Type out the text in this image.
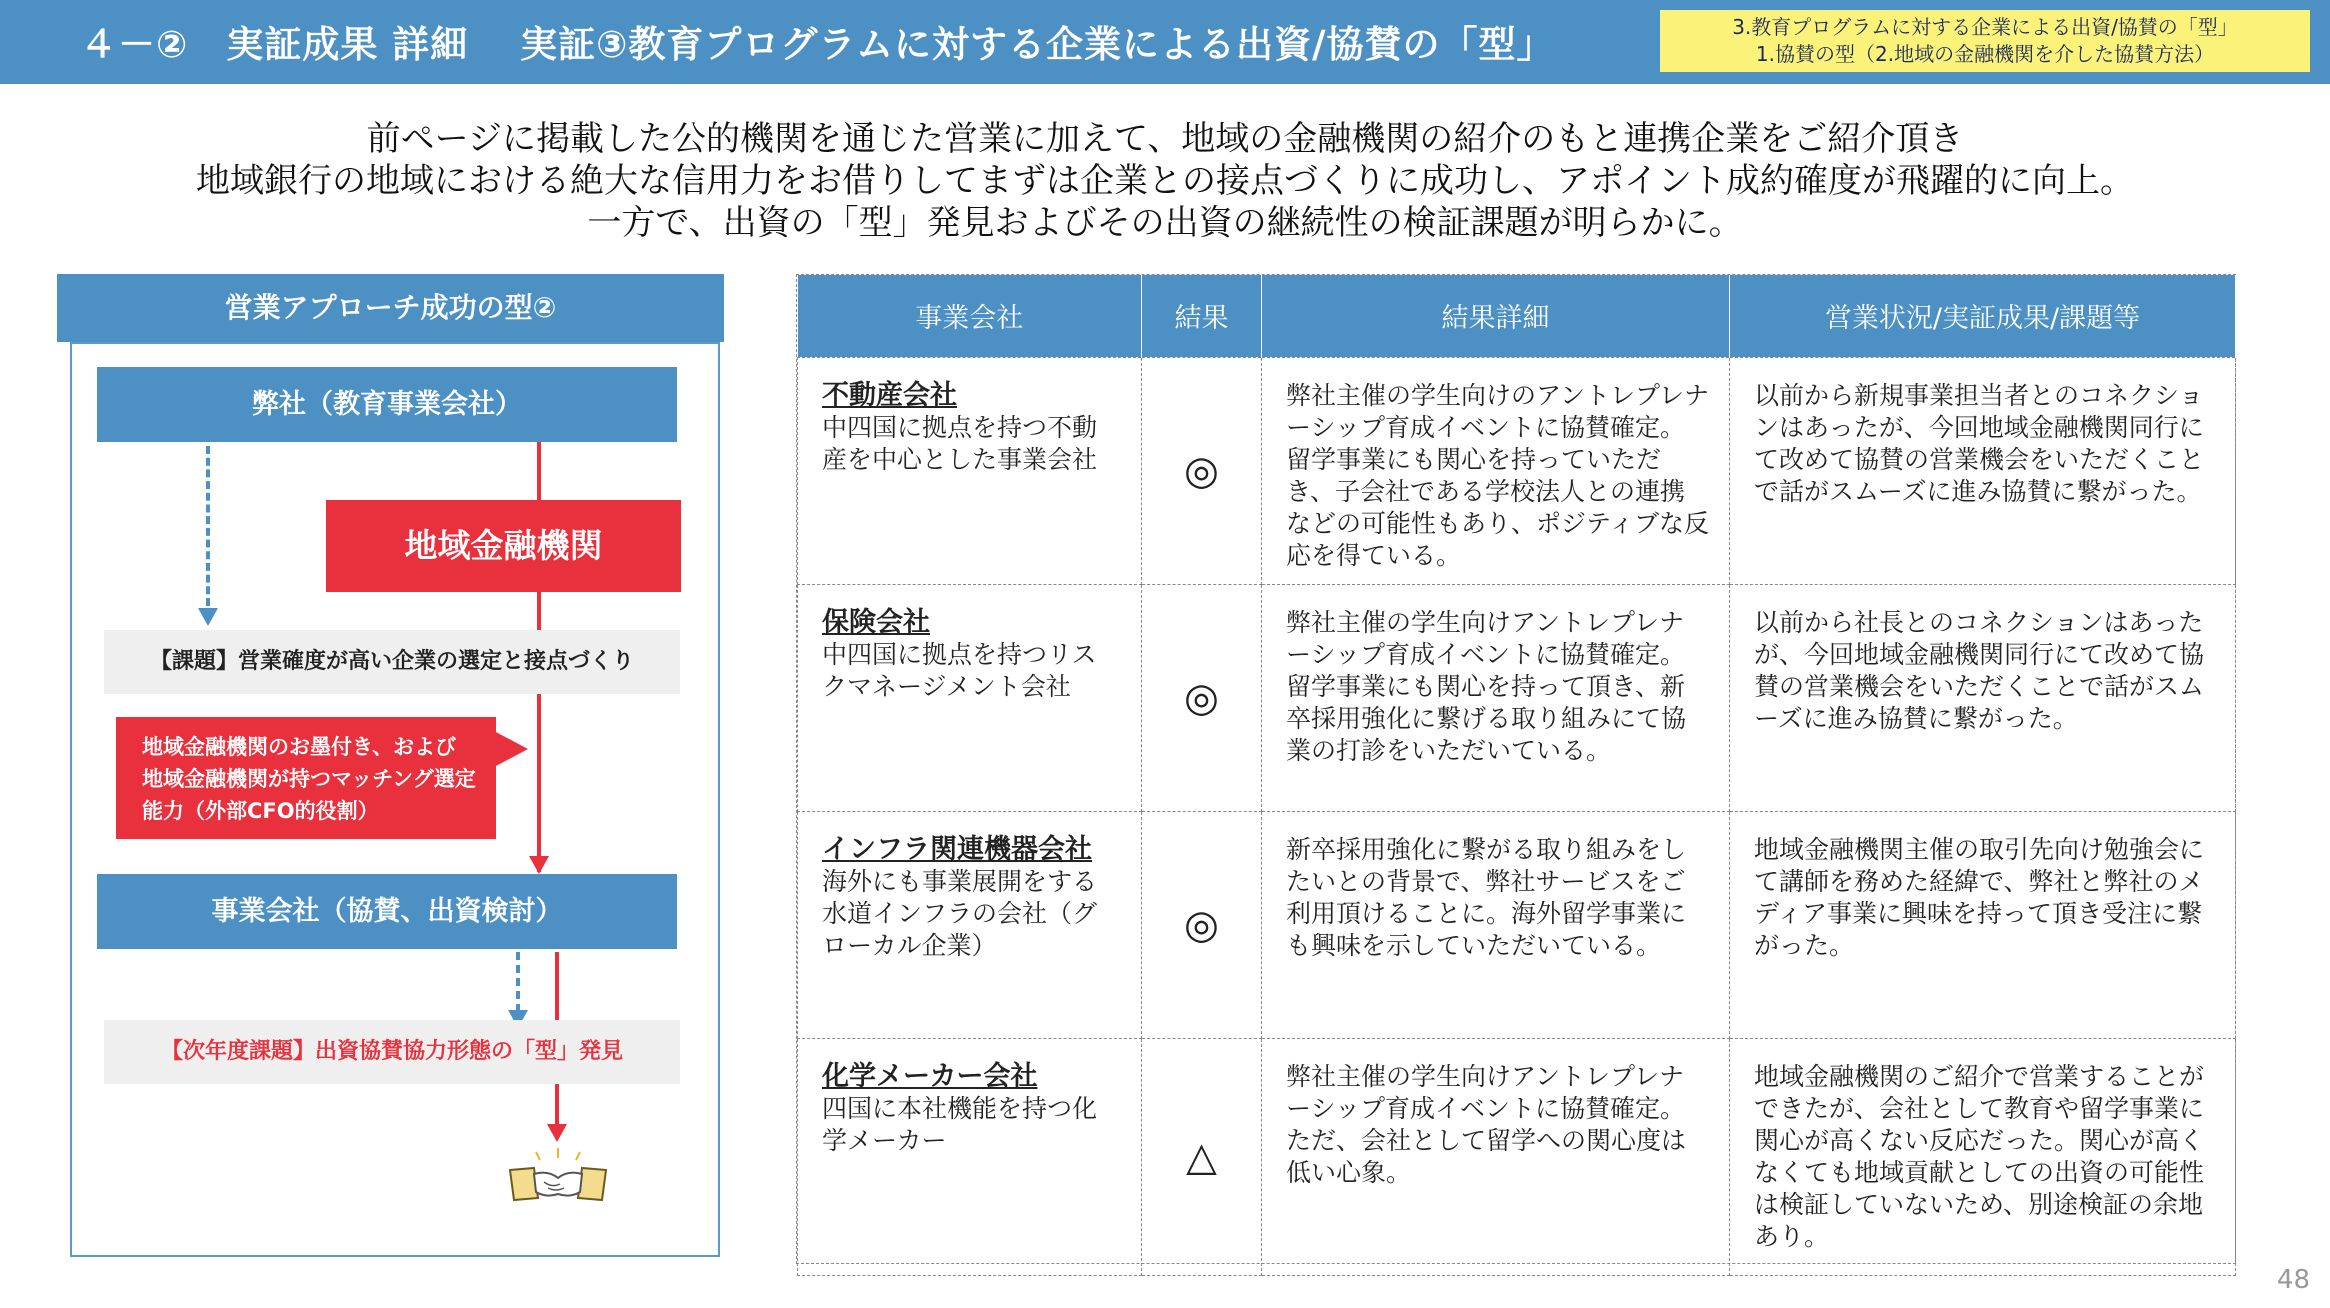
４－②　実証成果 詳細　 実証③教育プログラムに対する企業による出資/協賛の「型」	3.教育プログラムに対する企業による出資/協賛の「型」
1.協賛の型（2.地域の金融機関を介した協賛方法）
前ページに掲載した公的機関を通じた営業に加えて、地域の金融機関の紹介のもと連携企業をご紹介頂き
地域銀行の地域における絶大な信用力をお借りしてまずは企業との接点づくりに成功し、アポイント成約確度が飛躍的に向上。
一方で、出資の「型」発見およびその出資の継続性の検証課題が明らかに。
営業アプローチ成功の型②
弊社（教育事業会社）
地域金融機関
【課題】営業確度が高い企業の選定と接点づくり
地域金融機関のお墨付き、および地域金融機関が持つマッチング選定能力（外部CFO的役割）
事業会社（協賛、出資検討）
【次年度課題】出資協賛協力形態の「型」発見
事業会社	結果	結果詳細	営業状況/実証成果/課題等

不動産会社
中四国に拠点を持つ不動産を中心とした事業会社	◎	弊社主催の学生向けのアントレプレナーシップ育成イベントに協賛確定。留学事業にも関心を持っていただき、子会社である学校法人との連携などの可能性もあり、ポジティブな反応を得ている。	以前から新規事業担当者とのコネクションはあったが、今回地域金融機関同行にて改めて協賛の営業機会をいただくことで話がスムーズに進み協賛に繋がった。

保険会社
中四国に拠点を持つリスクマネージメント会社	◎	弊社主催の学生向けアントレプレナーシップ育成イベントに協賛確定。留学事業にも関心を持って頂き、新卒採用強化に繋げる取り組みにて協業の打診をいただいている。	以前から社長とのコネクションはあったが、今回地域金融機関同行にて改めて協賛の営業機会をいただくことで話がスムーズに進み協賛に繋がった。

インフラ関連機器会社
海外にも事業展開をする水道インフラの会社（グローカル企業）	◎	新卒採用強化に繋がる取り組みをしたいとの背景で、弊社サービスをご利用頂けることに。海外留学事業にも興味を示していただいている。	地域金融機関主催の取引先向け勉強会にて講師を務めた経緯で、弊社と弊社のメディア事業に興味を持って頂き受注に繋がった。

化学メーカー会社
四国に本社機能を持つ化学メーカー	△	弊社主催の学生向けアントレプレナーシップ育成イベントに協賛確定。ただ、会社として留学への関心度は低い心象。	地域金融機関のご紹介で営業することができたが、会社として教育や留学事業に関心が高くない反応だった。関心が高くなくても地域貢献としての出資の可能性は検証していないため、別途検証の余地あり。
48
